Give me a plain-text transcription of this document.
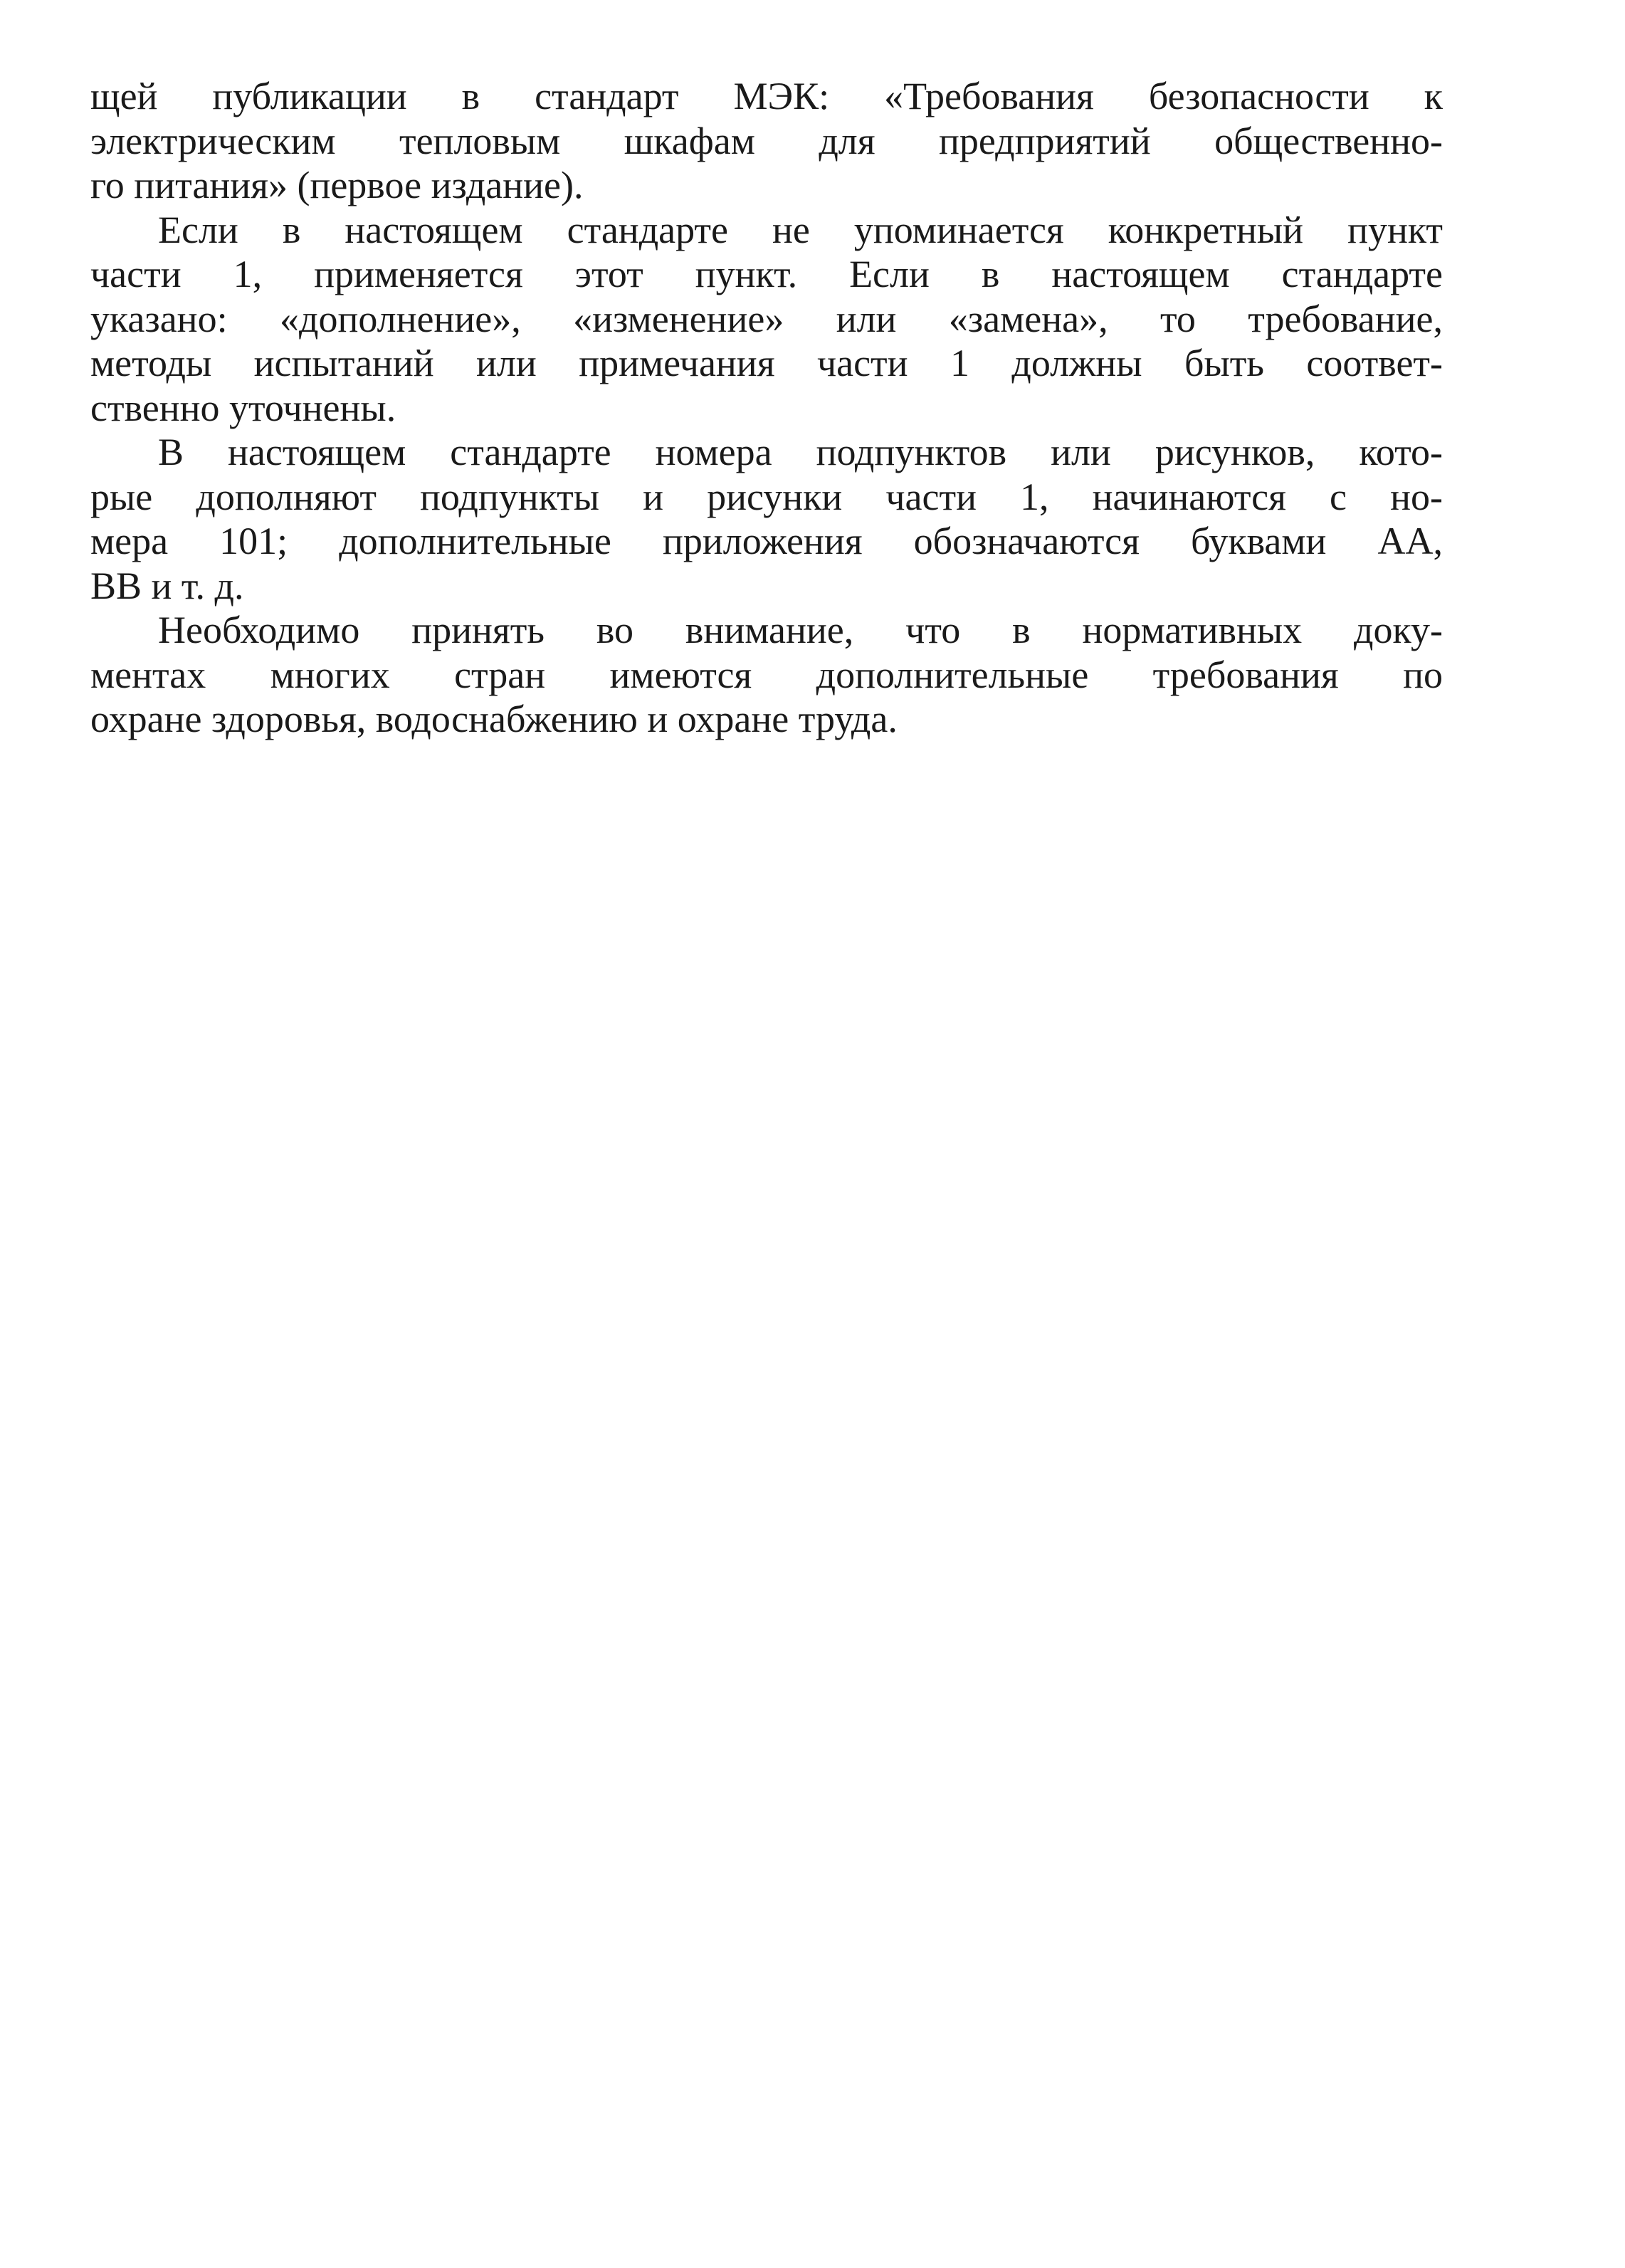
щей публикации в стандарт МЭК: «Требования безопасности к
электрическим тепловым шкафам для предприятий общественно-
го питания» (первое издание).

Если в настоящем стандарте не упоминается конкретный пункт
части 1, применяется этот пункт. Если в настоящем стандарте
указано: «дополнение», «изменение» или «замена», то требование,
методы испытаний или примечания части 1 должны быть соответ-
ственно уточнены.

В настоящем стандарте номера подпунктов или рисунков, кото-
рые дополняют подпункты и рисунки части 1, начинаются с но-
мера 101; дополнительные приложения обозначаются буквами АА,
ВВ и т. д.

Необходимо принять во внимание, что в нормативных доку-
ментах многих стран имеются дополнительные требования по
охране здоровья, водоснабжению и охране труда.
